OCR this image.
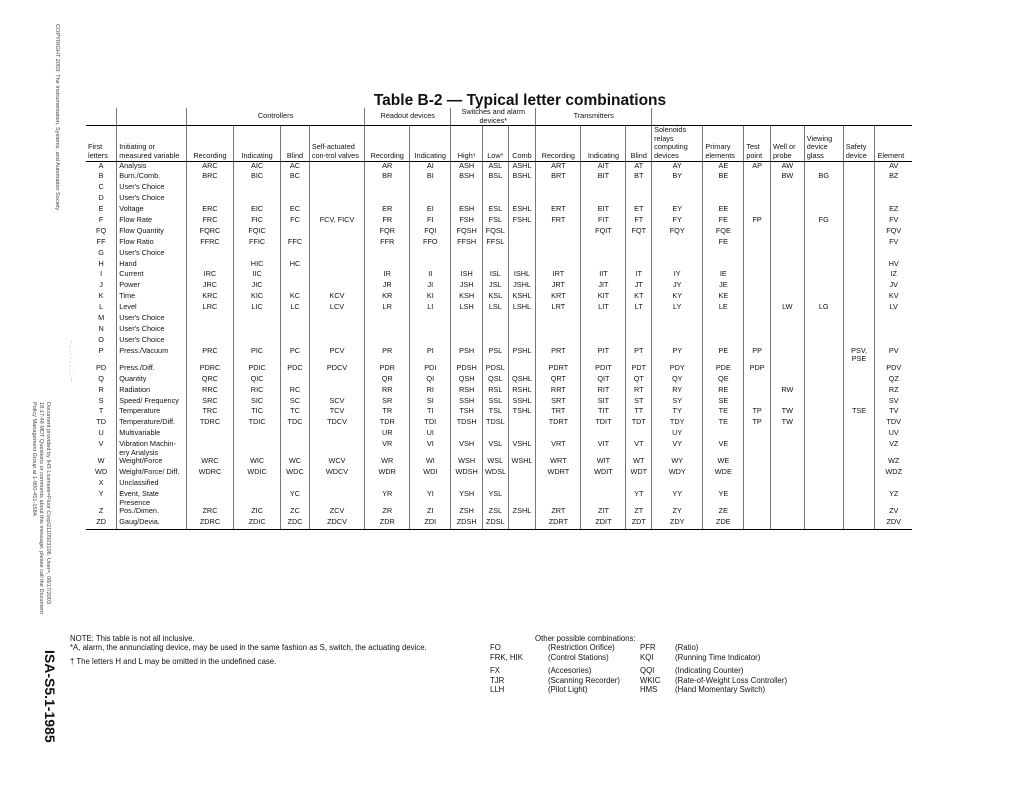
COPYRIGHT 2003; The Instrumentation, Systems, and Automation Society
Document provided by IHS Licensee=Fluor Corp/2110503106, User=, 08/17/2003
18:17:48 MDT Questions or comments about this message: please call the Document
Policy Management Group at 1-800-451-1584.
--`,,,`,,-`-`,,`,,`,`,,`---
ISA-S5.1-1985
Table B-2 — Typical letter combinations
		Controllers				Readout devices		Switches and alarm devices*			Transmitters									
First letters	Initiating or measured variable	Recording	Indicating	Blind	Self-actuated con-trol valves	Recording	Indicating	High†	Low†	Comb	Recording	Indicating	Blind	Solenoids relays computing devices	Primary elements	Test point	Well or probe	Viewing device glass	Safety device	Element
A	Analysis	ARC	AIC	AC		AR	AI	ASH	ASL	ASHL	ART	AIT	AT	AY	AE	AP	AW			AV
B	Burn./Comb.	BRC	BIC	BC		BR	BI	BSH	BSL	BSHL	BRT	BIT	BT	BY	BE		BW	BG		BZ
C	User's Choice																			
D	User's Choice																			
E	Voltage	ERC	EIC	EC		ER	EI	ESH	ESL	ESHL	ERT	EIT	ET	EY	EE					EZ
F	Flow Rate	FRC	FIC	FC	FCV, FICV	FR	FI	FSH	FSL	FSHL	FRT	FIT	FT	FY	FE	FP		FG		FV
FQ	Flow Quantity	FQRC	FQIC			FQR	FQI	FQSH	FQSL			FQIT	FQT	FQY	FQE					FQV
FF	Flow Ratio	FFRC	FFIC	FFC		FFR	FFO	FFSH	FFSL						FE					FV
G	User's Choice																			
H	Hand		HIC	HC																HV
I	Current	IRC	IIC			IR	II	ISH	ISL	ISHL	IRT	IIT	IT	IY	IE					IZ
J	Power	JRC	JIC			JR	JI	JSH	JSL	JSHL	JRT	JIT	JT	JY	JE					JV
K	Time	KRC	KIC	KC	KCV	KR	KI	KSH	KSL	KSHL	KRT	KIT	KT	KY	KE					KV
L	Level	LRC	LIC	LC	LCV	LR	LI	LSH	LSL	LSHL	LRT	LIT	LT	LY	LE		LW	LG		LV
M	User's Choice																			
N	User's Choice																			
O	User's Choice																			
P	Press./Vacuum	PRC	PIC	PC	PCV	PR	PI	PSH	PSL	PSHL	PRT	PIT	PT	PY	PE	PP			PSV, PSE	PV
PD	Press./Diff.	PDRC	PDIC	PDC	PDCV	PDR	PDI	PDSH	PDSL		PDRT	PDIT	PDT	PDY	PDE	PDP				PDV
Q	Quantity	QRC	QIC			QR	QI	QSH	QSL	QSHL	QRT	QIT	QT	QY	QE					QZ
R	Radiation	RRC	RIC	RC		RR	RI	RSH	RSL	RSHL	RRT	RIT	RT	RY	RE		RW			RZ
S	Speed/ Frequency	SRC	SIC	SC	SCV	SR	SI	SSH	SSL	SSHL	SRT	SIT	ST	SY	SE					SV
T	Temperature	TRC	TIC	TC	TCV	TR	TI	TSH	TSL	TSHL	TRT	TIT	TT	TY	TE	TP	TW		TSE	TV
TD	Temperature/Diff.	TDRC	TDIC	TDC	TDCV	TDR	TDI	TDSH	TDSL		TDRT	TDIT	TDT	TDY	TE	TP	TW			TDV
U	Multivariable					UR	UI							UY						UV
V	Vibration Machin-ery Analysis					VR	VI	VSH	VSL	VSHL	VRT	VIT	VT	VY	VE					VZ
W	Weight/Force	WRC	WIC	WC	WCV	WR	WI	WSH	WSL	WSHL	WRT	WIT	WT	WY	WE					WZ
WD	Weight/Force/ Diff.	WDRC	WDIC	WDC	WDCV	WDR	WDI	WDSH	WDSL		WDRT	WDIT	WDT	WDY	WDE					WDZ
X	Unclassified																			
Y	Event, State Presence			YC		YR	YI	YSH	YSL				YT	YY	YE					YZ
Z	Pos./Dimen.	ZRC	ZIC	ZC	ZCV	ZR	ZI	ZSH	ZSL	ZSHL	ZRT	ZIT	ZT	ZY	ZE					ZV
ZD	Gaug/Devia.	ZDRC	ZDIC	ZDC	ZDCV	ZDR	ZDI	ZDSH	ZDSL		ZDRT	ZDIT	ZDT	ZDY	ZDE					ZDV

NOTE: This table is not all inclusive.

*A, alarm, the annunciating device, may be used in the same fashion as S, switch, the actuating device.

† The letters H and L may be omitted in the undefined case.

Other possible combinations:
FO	(Restriction Orifice)	PFR	(Ratio)
FRK, HIK	(Control Stations)	KQI	(Running Time Indicator)
FX	(Accesories)	QQI	(Indicating Counter)
TJR	(Scanning Recorder)	WKIC	(Rate-of-Weight Loss Controller)
LLH	(Pilot Light)	HMS	(Hand Momentary Switch)
